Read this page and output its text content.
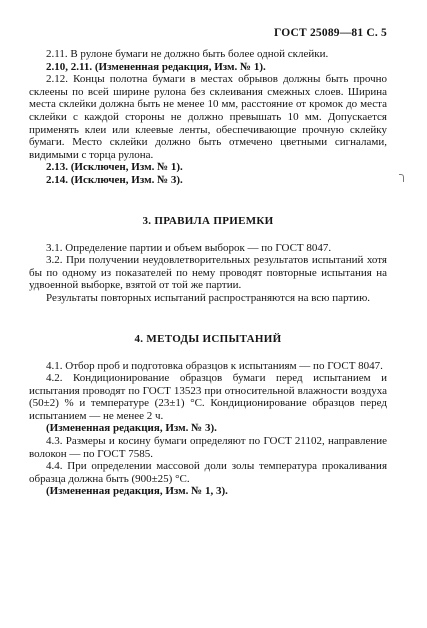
ГОСТ 25089—81 С. 5

2.11. В рулоне бумаги не должно быть более одной склейки.

2.10, 2.11. (Измененная редакция, Изм. № 1).

2.12. Концы полотна бумаги в местах обрывов должны быть прочно склеены по всей ширине рулона без склеивания смежных слоев. Ширина места склейки должна быть не менее 10 мм, расстояние от кромок до места склейки с каждой стороны не должно превышать 10 мм. Допускается применять клеи или клеевые ленты, обеспечивающие прочную склейку бумаги. Место склейки должно быть отмечено цветными сигналами, видимыми с торца рулона.

2.13. (Исключен, Изм. № 1).

2.14. (Исключен, Изм. № 3).

3. ПРАВИЛА ПРИЕМКИ

3.1. Определение партии и объем выборок — по ГОСТ 8047.

3.2. При получении неудовлетворительных результатов испытаний хотя бы по одному из показателей по нему проводят повторные испытания на удвоенной выборке, взятой от той же партии.

Результаты повторных испытаний распространяются на всю партию.

4. МЕТОДЫ ИСПЫТАНИЙ

4.1. Отбор проб и подготовка образцов к испытаниям — по ГОСТ 8047.

4.2. Кондиционирование образцов бумаги перед испытанием и испытания проводят по ГОСТ 13523 при относительной влажности воздуха (50±2) % и температуре (23±1) °С. Кондиционирование образцов перед испытанием — не менее 2 ч.

(Измененная редакция, Изм. № 3).

4.3. Размеры и косину бумаги определяют по ГОСТ 21102, направление волокон — по ГОСТ 7585.

4.4. При определении массовой доли золы температура прокаливания образца должна быть (900±25) °С.

(Измененная редакция, Изм. № 1, 3).
